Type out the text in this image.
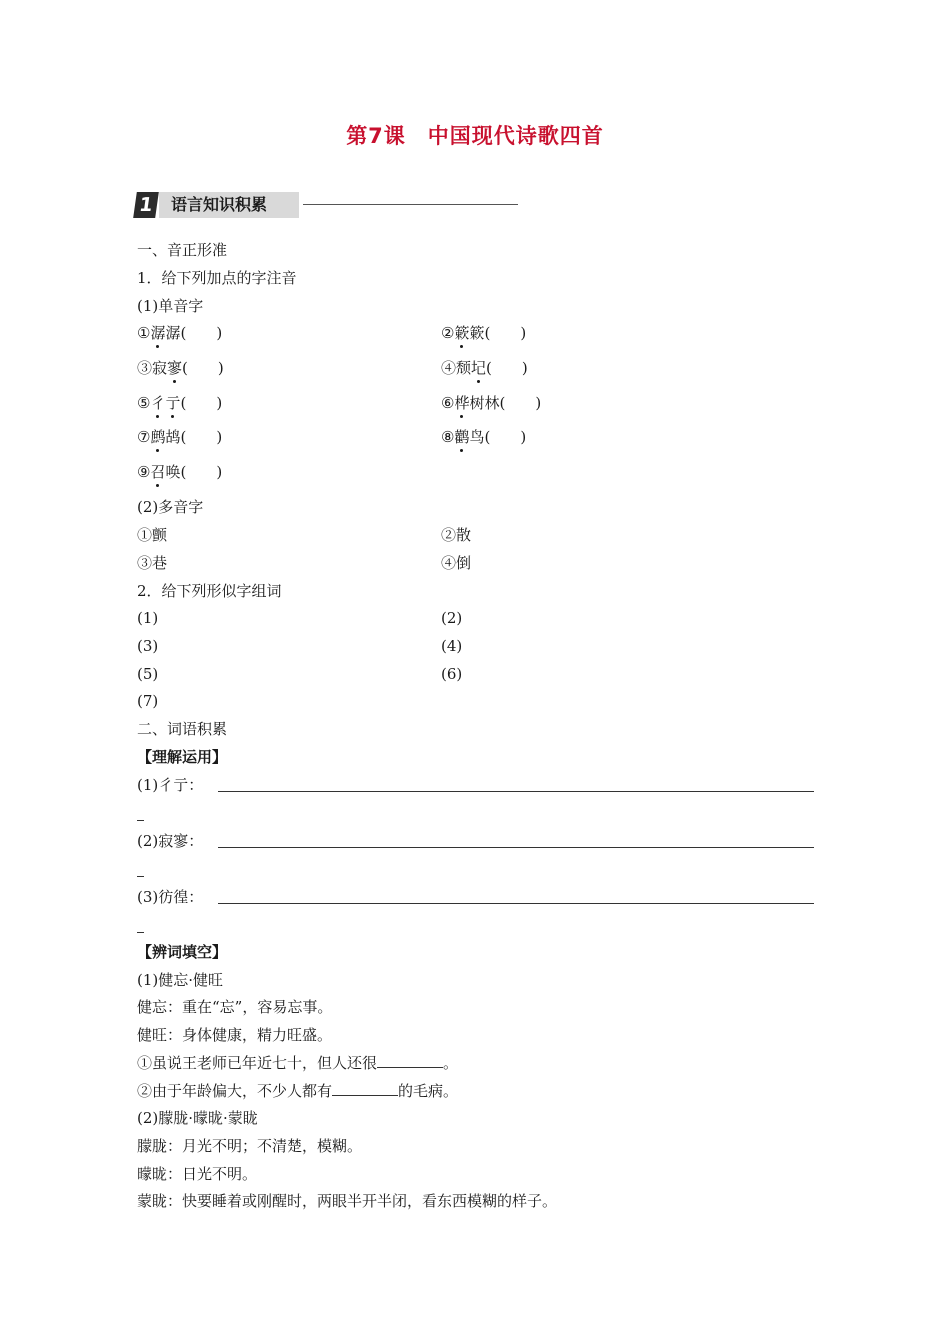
第7课　中国现代诗歌四首
1	语言知识积累
一、音正形准
1．给下列加点的字注音
(1)单音字
①潺潺(　　)	②簌簌(　　)
③寂寥(　　)	④颓圮(　　)
⑤彳亍(　　)	⑥桦树林(　　)
⑦鹧鸪(　　)	⑧鹳鸟(　　)
⑨召唤(　　)
(2)多音字
①颤	②散
③巷	④倒
2．给下列形似字组词
(1)	(2)
(3)	(4)
(5)	(6)
(7)
二、词语积累
【理解运用】
(1)彳亍：
(2)寂寥：
(3)彷徨：
【辨词填空】
(1)健忘·健旺
健忘：重在“忘”，容易忘事。
健旺：身体健康，精力旺盛。
①虽说王老师已年近七十，但人还很	。
②由于年龄偏大，不少人都有	的毛病。
(2)朦胧·曚昽·蒙眬
朦胧：月光不明；不清楚，模糊。
曚昽：日光不明。
蒙眬：快要睡着或刚醒时，两眼半开半闭，看东西模糊的样子。
